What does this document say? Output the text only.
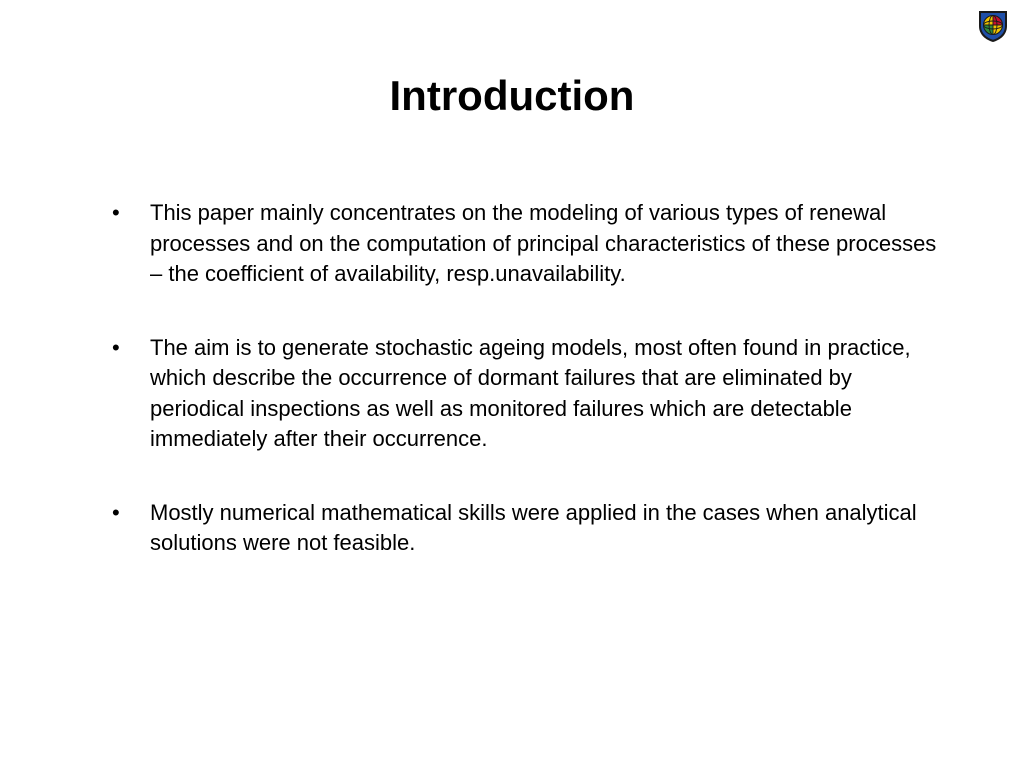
Introduction
• This paper mainly concentrates on the modeling of various types of renewal processes and on the computation of principal characteristics of these processes – the coefficient of availability, resp.unavailability.
• The aim is to generate stochastic ageing models, most often found in practice, which describe the occurrence of dormant failures that are eliminated by periodical inspections as well as monitored failures which are detectable immediately after their occurrence.
• Mostly numerical mathematical skills were applied in the cases when analytical solutions were not feasible.
